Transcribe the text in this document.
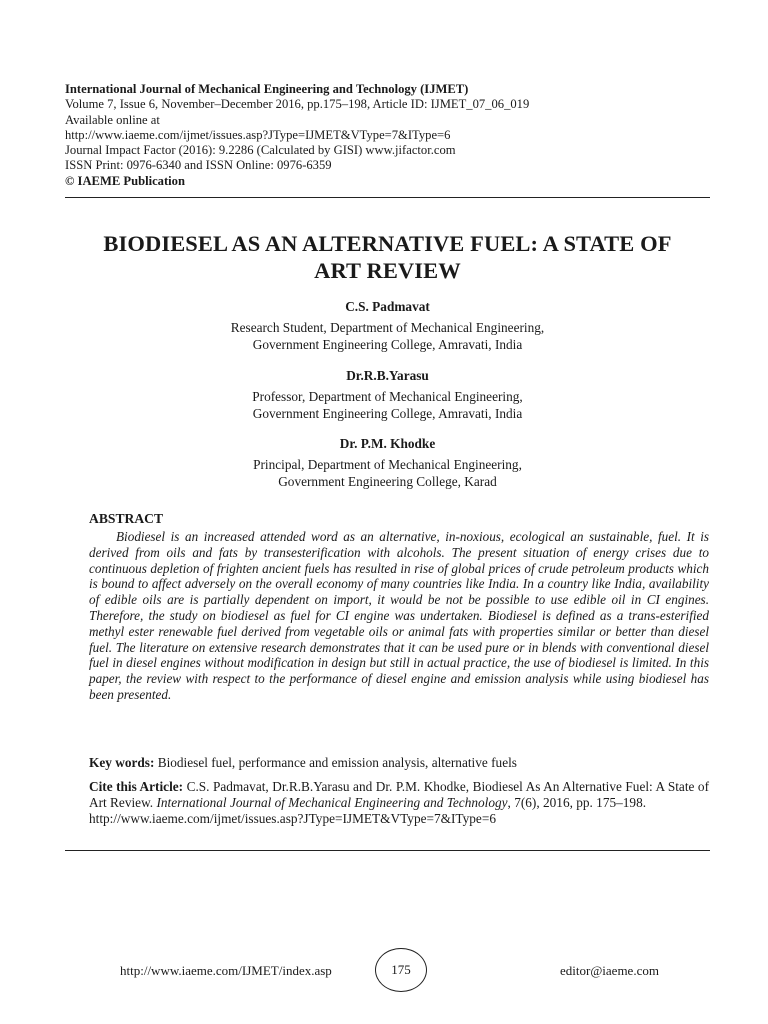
International Journal of Mechanical Engineering and Technology (IJMET)
Volume 7, Issue 6, November–December 2016, pp.175–198, Article ID: IJMET_07_06_019
Available online at
http://www.iaeme.com/ijmet/issues.asp?JType=IJMET&VType=7&IType=6
Journal Impact Factor (2016): 9.2286 (Calculated by GISI) www.jifactor.com
ISSN Print: 0976-6340 and ISSN Online: 0976-6359
© IAEME Publication
BIODIESEL AS AN ALTERNATIVE FUEL: A STATE OF
ART REVIEW
C.S. Padmavat
Research Student, Department of Mechanical Engineering,
Government Engineering College, Amravati, India
Dr.R.B.Yarasu
Professor, Department of Mechanical Engineering,
Government Engineering College, Amravati, India
Dr. P.M. Khodke
Principal, Department of Mechanical Engineering,
Government Engineering College, Karad
ABSTRACT
Biodiesel is an increased attended word as an alternative, in-noxious, ecological an sustainable, fuel. It is derived from oils and fats by transesterification with alcohols. The present situation of energy crises due to continuous depletion of frighten ancient fuels has resulted in rise of global prices of crude petroleum products which is bound to affect adversely on the overall economy of many countries like India. In a country like India, availability of edible oils are is partially dependent on import, it would be not be possible to use edible oil in CI engines. Therefore, the study on biodiesel as fuel for CI engine was undertaken. Biodiesel is defined as a trans-esterified methyl ester renewable fuel derived from vegetable oils or animal fats with properties similar or better than diesel fuel. The literature on extensive research demonstrates that it can be used pure or in blends with conventional diesel fuel in diesel engines without modification in design but still in actual practice, the use of biodiesel is limited. In this paper, the review with respect to the performance of diesel engine and emission analysis while using biodiesel has been presented.
Key words: Biodiesel fuel, performance and emission analysis, alternative fuels
Cite this Article: C.S. Padmavat, Dr.R.B.Yarasu and Dr. P.M. Khodke, Biodiesel As An Alternative Fuel: A State of Art Review. International Journal of Mechanical Engineering and Technology, 7(6), 2016, pp. 175–198.
http://www.iaeme.com/ijmet/issues.asp?JType=IJMET&VType=7&IType=6
http://www.iaeme.com/IJMET/index.asp	175	editor@iaeme.com
